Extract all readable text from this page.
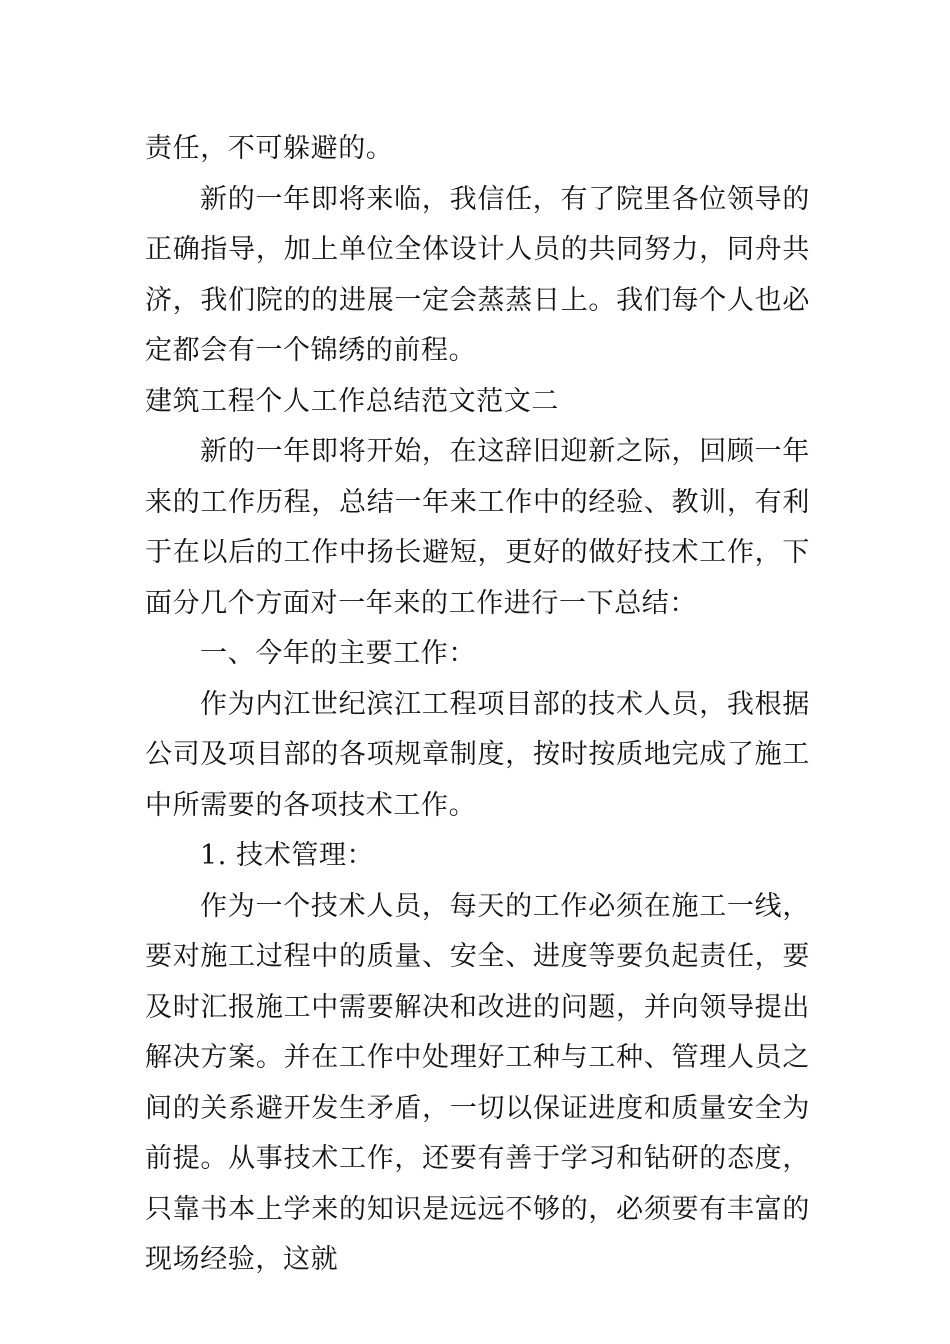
责任，不可躲避的。

新的一年即将来临，我信任，有了院里各位领导的正确指导，加上单位全体设计人员的共同努力，同舟共济，我们院的的进展一定会蒸蒸日上。我们每个人也必定都会有一个锦绣的前程。

建筑工程个人工作总结范文范文二

新的一年即将开始，在这辞旧迎新之际，回顾一年来的工作历程，总结一年来工作中的经验、教训，有利于在以后的工作中扬长避短，更好的做好技术工作，下面分几个方面对一年来的工作进行一下总结：

一、今年的主要工作：

作为内江世纪滨江工程项目部的技术人员，我根据公司及项目部的各项规章制度，按时按质地完成了施工中所需要的各项技术工作。

1. 技术管理：

作为一个技术人员，每天的工作必须在施工一线，要对施工过程中的质量、安全、进度等要负起责任，要及时汇报施工中需要解决和改进的问题，并向领导提出解决方案。并在工作中处理好工种与工种、管理人员之间的关系避开发生矛盾，一切以保证进度和质量安全为前提。从事技术工作，还要有善于学习和钻研的态度，只靠书本上学来的知识是远远不够的，必须要有丰富的现场经验，这就
